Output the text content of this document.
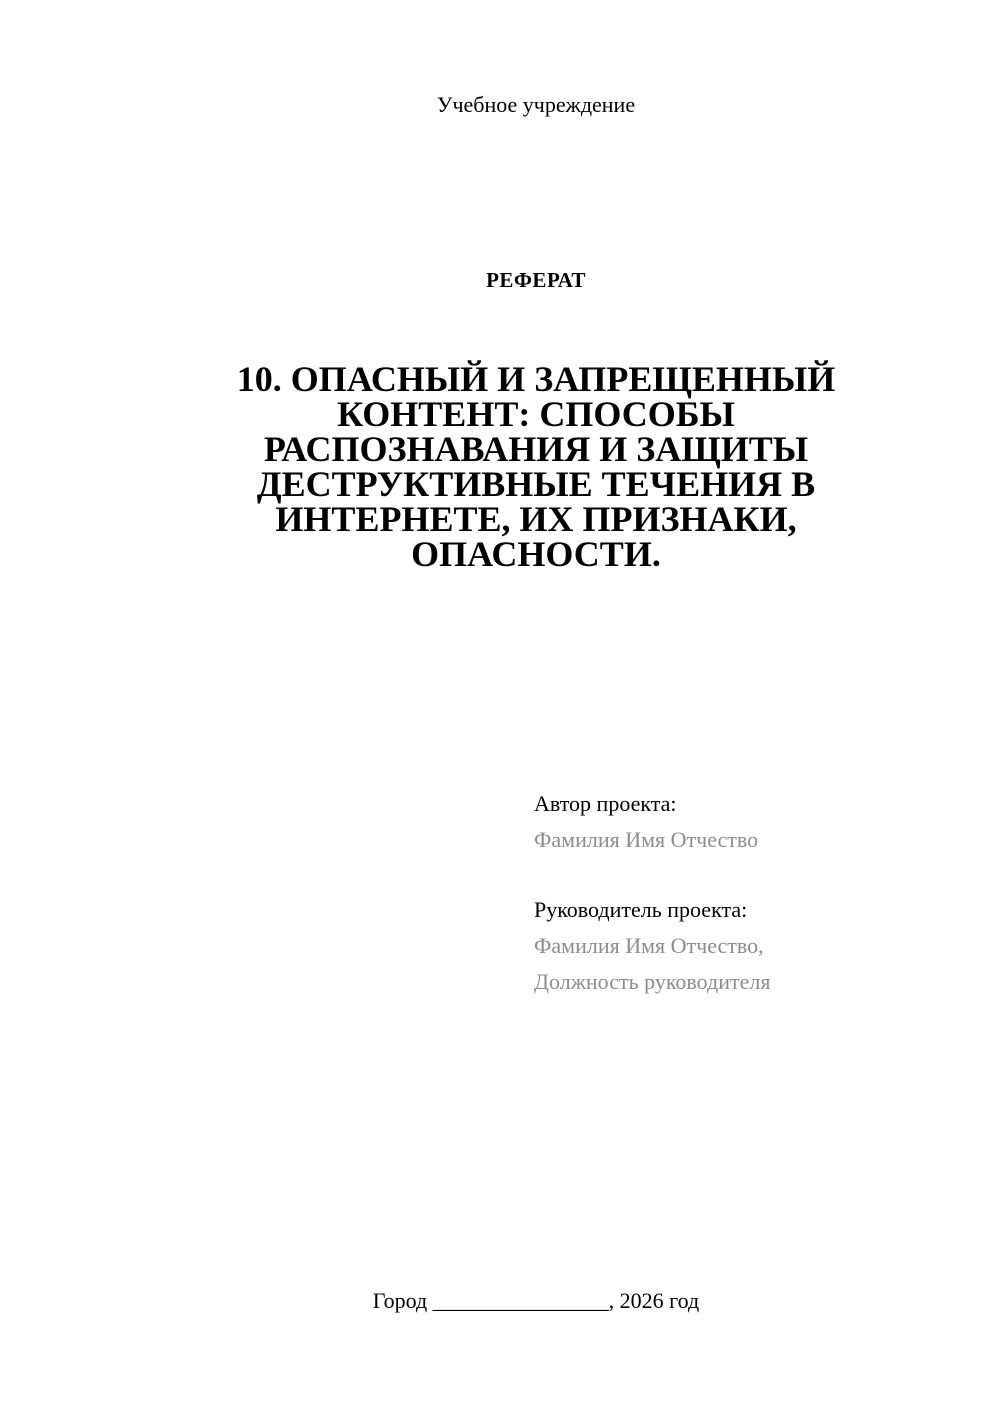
Учебное учреждение
РЕФЕРАТ
10. ОПАСНЫЙ И ЗАПРЕЩЕННЫЙ
КОНТЕНТ: СПОСОБЫ
РАСПОЗНАВАНИЯ И ЗАЩИТЫ
ДЕСТРУКТИВНЫЕ ТЕЧЕНИЯ В
ИНТЕРНЕТЕ, ИХ ПРИЗНАКИ,
ОПАСНОСТИ.
Автор проекта:
Фамилия Имя Отчество
Руководитель проекта:
Фамилия Имя Отчество,
Должность руководителя
Город ________________, 2026 год
